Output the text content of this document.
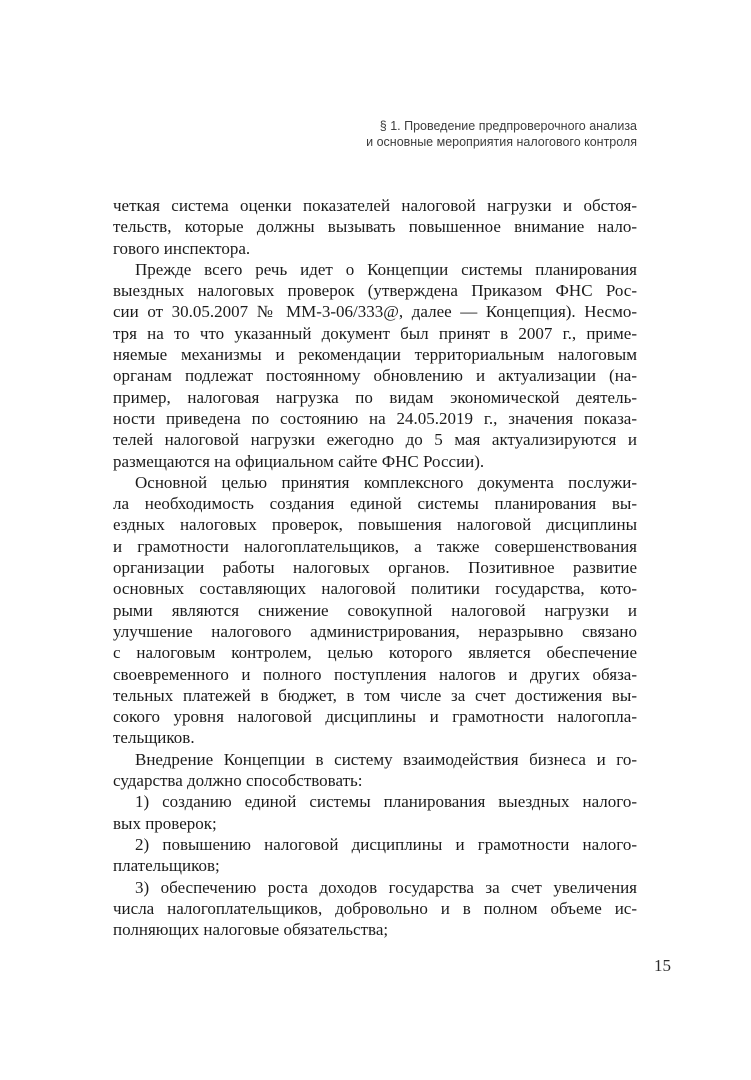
§ 1. Проведение предпроверочного анализа
и основные мероприятия налогового контроля
четкая система оценки показателей налоговой нагрузки и обстоя-
тельств, которые должны вызывать повышенное внимание нало-
гового инспектора.
Прежде всего речь идет о Концепции системы планирования
выездных налоговых проверок (утверждена Приказом ФНС Рос-
сии от 30.05.2007 № ММ-3-06/333@, далее — Концепция). Несмо-
тря на то что указанный документ был принят в 2007 г., приме-
няемые механизмы и рекомендации территориальным налоговым
органам подлежат постоянному обновлению и актуализации (на-
пример, налоговая нагрузка по видам экономической деятель-
ности приведена по состоянию на 24.05.2019 г., значения показа-
телей налоговой нагрузки ежегодно до 5 мая актуализируются и
размещаются на официальном сайте ФНС России).
Основной целью принятия комплексного документа послужи-
ла необходимость создания единой системы планирования вы-
ездных налоговых проверок, повышения налоговой дисциплины
и грамотности налогоплательщиков, а также совершенствования
организации работы налоговых органов. Позитивное развитие
основных составляющих налоговой политики государства, кото-
рыми являются снижение совокупной налоговой нагрузки и
улучшение налогового администрирования, неразрывно связано
с налоговым контролем, целью которого является обеспечение
своевременного и полного поступления налогов и других обяза-
тельных платежей в бюджет, в том числе за счет достижения вы-
сокого уровня налоговой дисциплины и грамотности налогопла-
тельщиков.
Внедрение Концепции в систему взаимодействия бизнеса и го-
сударства должно способствовать:
1) созданию единой системы планирования выездных налого-
вых проверок;
2) повышению налоговой дисциплины и грамотности налого-
плательщиков;
3) обеспечению роста доходов государства за счет увеличения
числа налогоплательщиков, добровольно и в полном объеме ис-
полняющих налоговые обязательства;
15
